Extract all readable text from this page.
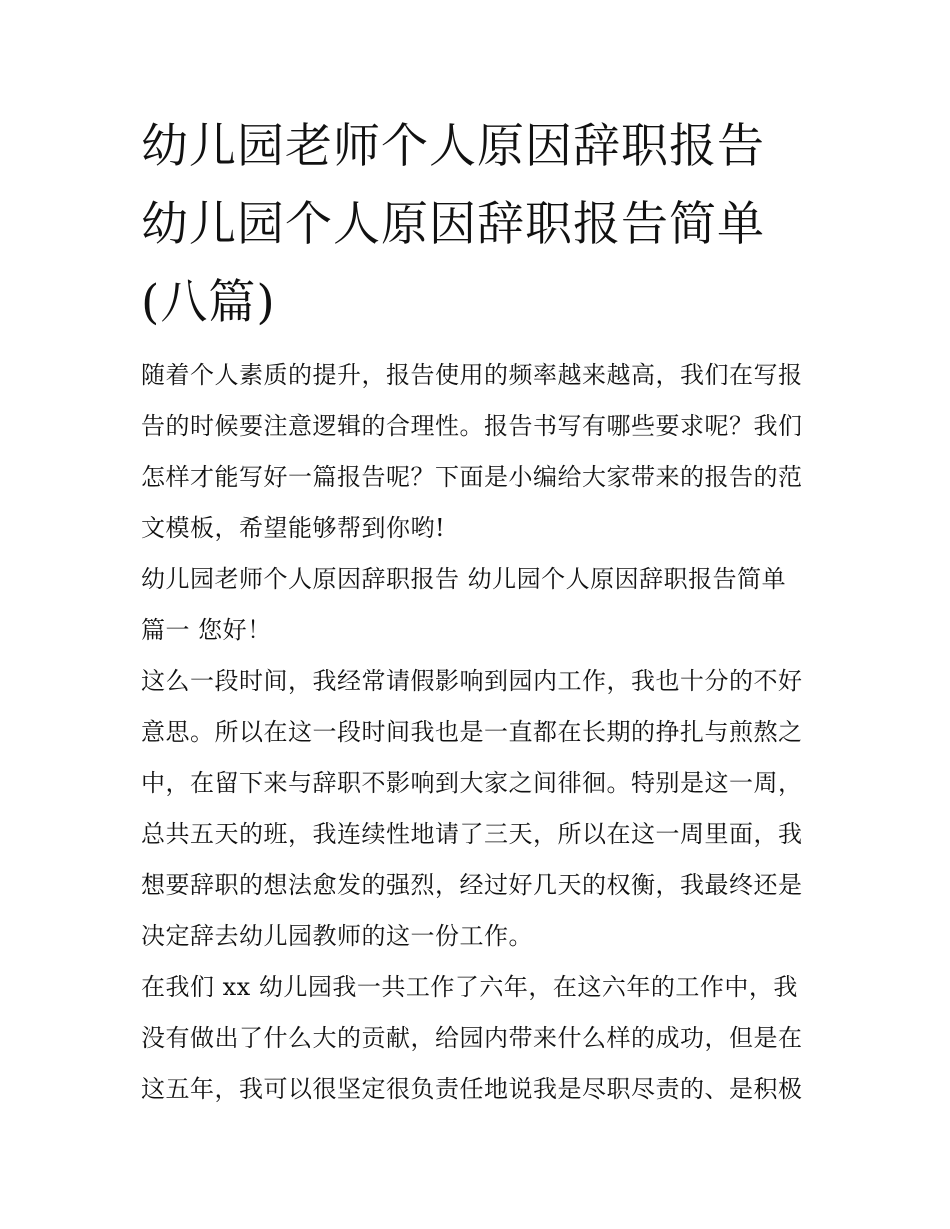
幼儿园老师个人原因辞职报告
幼儿园个人原因辞职报告简单
(八篇)

随着个人素质的提升，报告使用的频率越来越高，我们在写报
告的时候要注意逻辑的合理性。报告书写有哪些要求呢？我们
怎样才能写好一篇报告呢？下面是小编给大家带来的报告的范
文模板，希望能够帮到你哟!

幼儿园老师个人原因辞职报告 幼儿园个人原因辞职报告简单

篇一 您好！

这么一段时间，我经常请假影响到园内工作，我也十分的不好
意思。所以在这一段时间我也是一直都在长期的挣扎与煎熬之
中，在留下来与辞职不影响到大家之间徘徊。特别是这一周，
总共五天的班，我连续性地请了三天，所以在这一周里面，我
想要辞职的想法愈发的强烈，经过好几天的权衡，我最终还是
决定辞去幼儿园教师的这一份工作。

在我们 xx 幼儿园我一共工作了六年，在这六年的工作中，我
没有做出了什么大的贡献，给园内带来什么样的成功，但是在
这五年，我可以很坚定很负责任地说我是尽职尽责的、是积极
